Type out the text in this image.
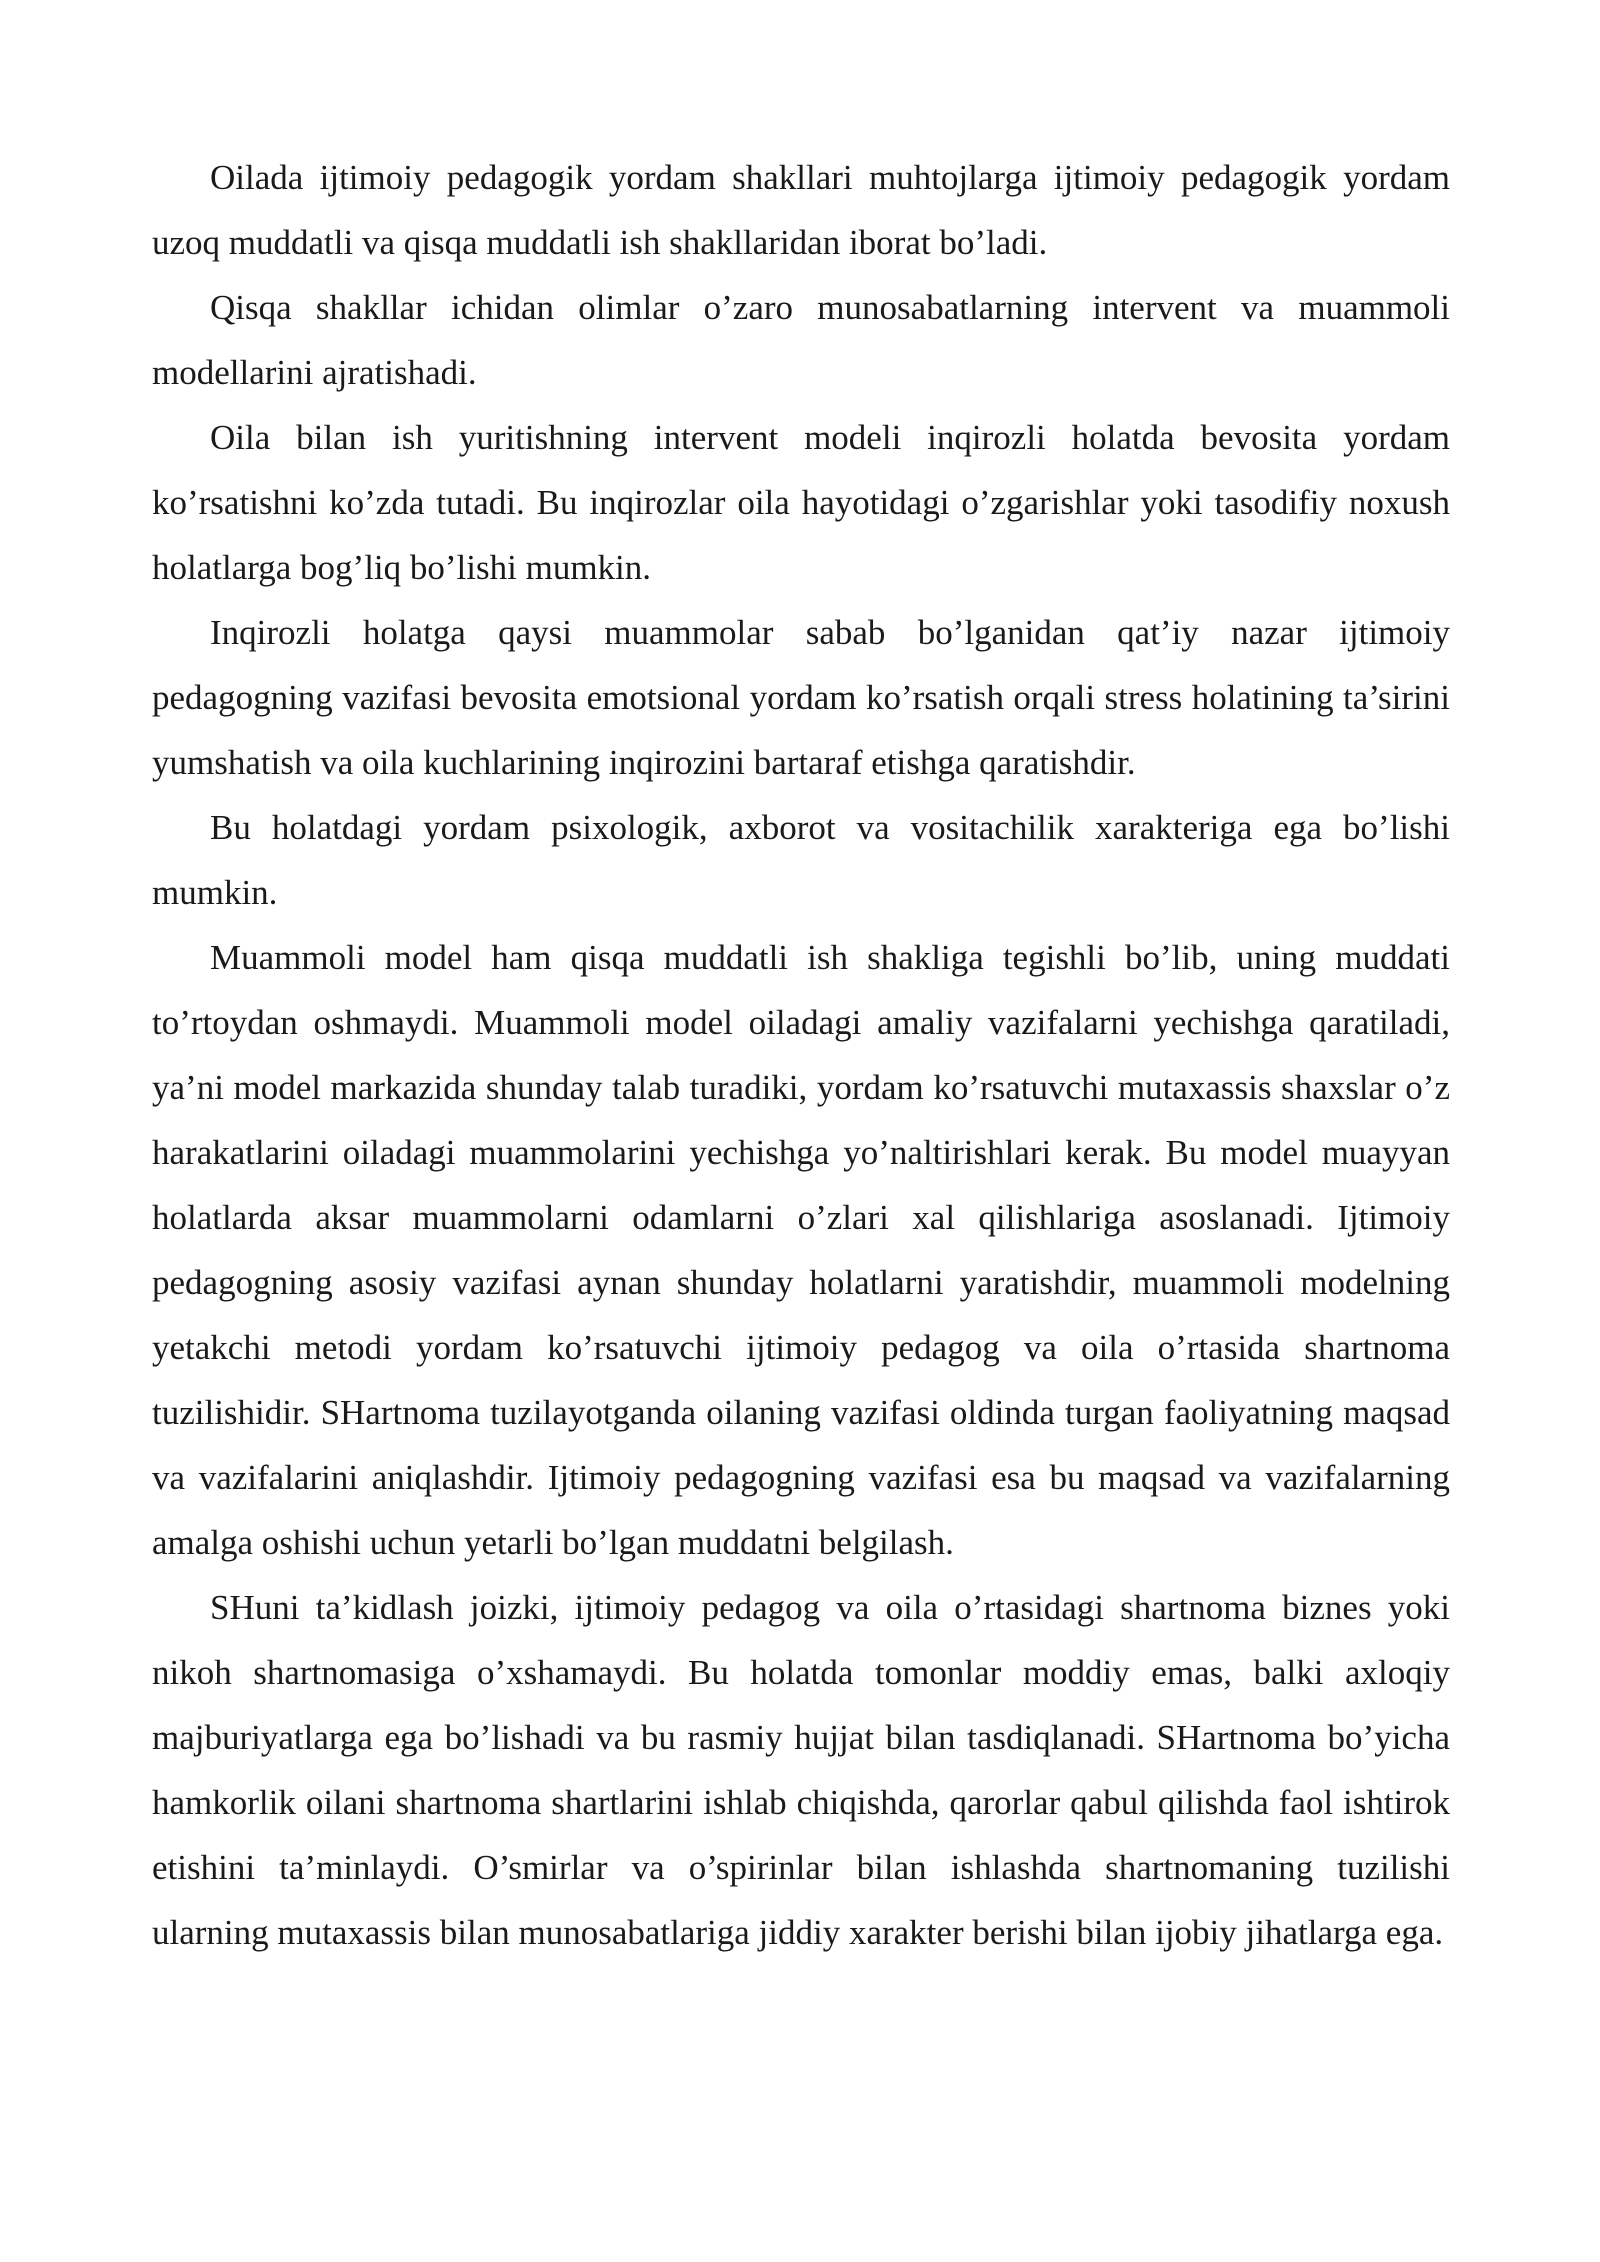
Oilada ijtimoiy pedagogik yordam shakllari muhtojlarga ijtimoiy pedagogik yordam uzoq muddatli va qisqa muddatli ish shakllaridan iborat bo’ladi.

Qisqa shakllar ichidan olimlar o’zaro munosabatlarning intervent va muammoli modellarini ajratishadi.

Oila bilan ish yuritishning intervent modeli inqirozli holatda bevosita yordam ko’rsatishni ko’zda tutadi. Bu inqirozlar oila hayotidagi o’zgarishlar yoki tasodifiy noxush holatlarga bog’liq bo’lishi mumkin.

Inqirozli holatga qaysi muammolar sabab bo’lganidan qat’iy nazar ijtimoiy pedagogning vazifasi bevosita emotsional yordam ko’rsatish orqali stress holatining ta’sirini yumshatish va oila kuchlarining inqirozini bartaraf etishga qaratishdir.

Bu holatdagi yordam psixologik, axborot va vositachilik xarakteriga ega bo’lishi mumkin.

Muammoli model ham qisqa muddatli ish shakliga tegishli bo’lib, uning muddati to’rtoydan oshmaydi. Muammoli model oiladagi amaliy vazifalarni yechishga qaratiladi, ya’ni model markazida shunday talab turadiki, yordam ko’rsatuvchi mutaxassis shaxslar o’z harakatlarini oiladagi muammolarini yechishga yo’naltirishlari kerak. Bu model muayyan holatlarda aksar muammolarni odamlarni o’zlari xal qilishlariga asoslanadi. Ijtimoiy pedagogning asosiy vazifasi aynan shunday holatlarni yaratishdir, muammoli modelning yetakchi metodi yordam ko’rsatuvchi ijtimoiy pedagog va oila o’rtasida shartnoma tuzilishidir. SHartnoma tuzilayotganda oilaning vazifasi oldinda turgan faoliyatning maqsad va vazifalarini aniqlashdir. Ijtimoiy pedagogning vazifasi esa bu maqsad va vazifalarning amalga oshishi uchun yetarli bo’lgan muddatni belgilash.

SHuni ta’kidlash joizki, ijtimoiy pedagog va oila o’rtasidagi shartnoma biznes yoki nikoh shartnomasiga o’xshamaydi. Bu holatda tomonlar moddiy emas, balki axloqiy majburiyatlarga ega bo’lishadi va bu rasmiy hujjat bilan tasdiqlanadi. SHartnoma bo’yicha hamkorlik oilani shartnoma shartlarini ishlab chiqishda, qarorlar qabul qilishda faol ishtirok etishini ta’minlaydi. O’smirlar va o’spirinlar bilan ishlashda shartnomaning tuzilishi ularning mutaxassis bilan munosabatlariga jiddiy xarakter berishi bilan ijobiy jihatlarga ega.
